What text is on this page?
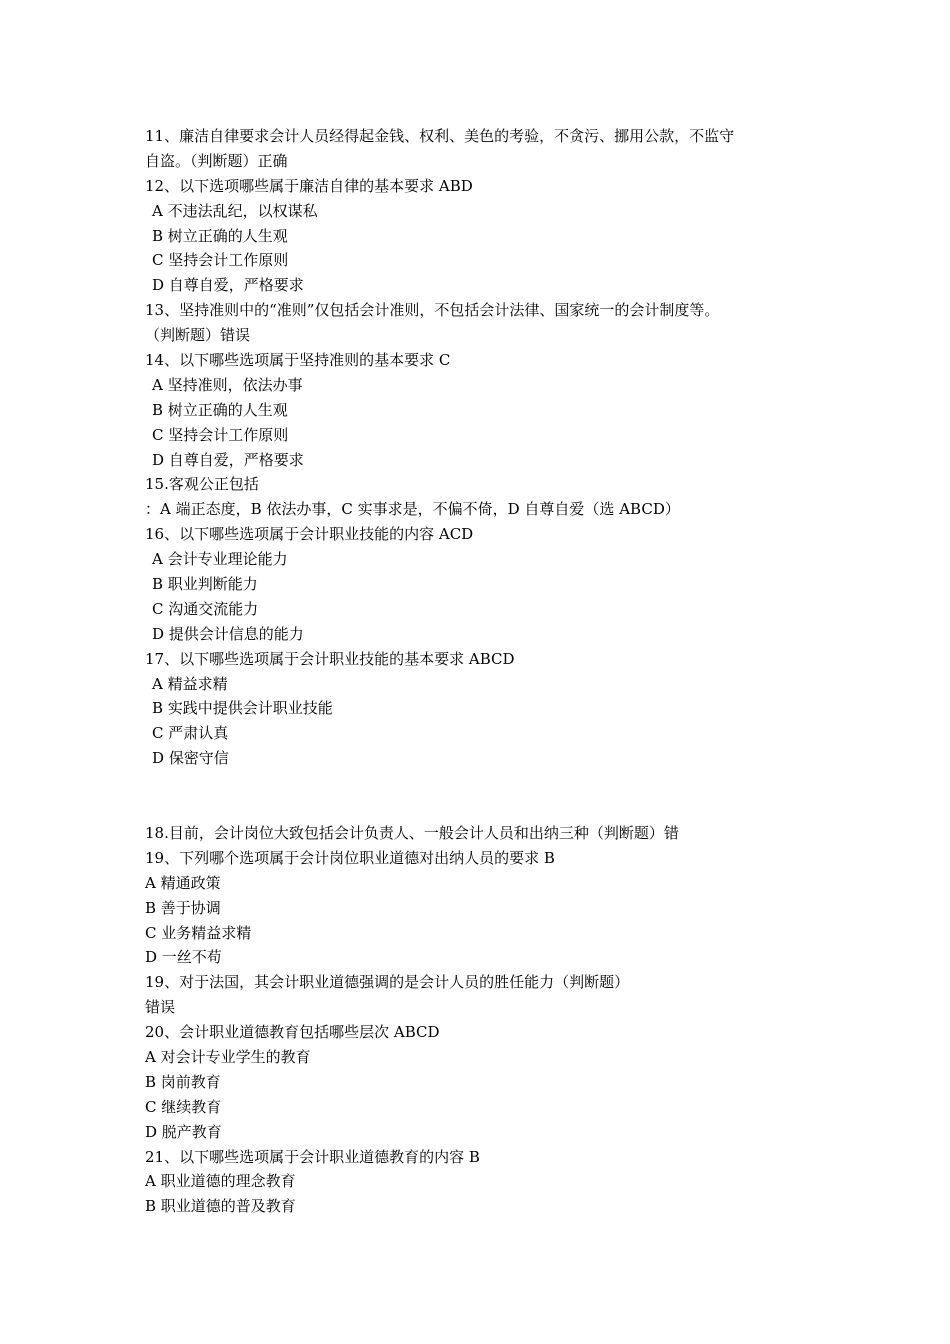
11、廉洁自律要求会计人员经得起金钱、权利、美色的考验，不贪污、挪用公款，不监守
自盗。（判断题）正确
12、以下选项哪些属于廉洁自律的基本要求 ABD
A 不违法乱纪，以权谋私
B 树立正确的人生观
C 坚持会计工作原则
D 自尊自爱，严格要求
13、坚持准则中的“准则”仅包括会计准则，不包括会计法律、国家统一的会计制度等。
（判断题）错误
14、以下哪些选项属于坚持准则的基本要求 C
A 坚持准则，依法办事
B 树立正确的人生观
C 坚持会计工作原则
D 自尊自爱，严格要求
15.客观公正包括
：A 端正态度，B 依法办事，C 实事求是，不偏不倚，D 自尊自爱（选 ABCD）
16、以下哪些选项属于会计职业技能的内容 ACD
A 会计专业理论能力
B 职业判断能力
C 沟通交流能力
D 提供会计信息的能力
17、以下哪些选项属于会计职业技能的基本要求 ABCD
A 精益求精
B 实践中提供会计职业技能
C 严肃认真
D 保密守信
18.目前，会计岗位大致包括会计负责人、一般会计人员和出纳三种（判断题）错
19、下列哪个选项属于会计岗位职业道德对出纳人员的要求 B
A 精通政策
B 善于协调
C 业务精益求精
D 一丝不苟
19、对于法国，其会计职业道德强调的是会计人员的胜任能力（判断题）
错误
20、会计职业道德教育包括哪些层次 ABCD
A 对会计专业学生的教育
B 岗前教育
C 继续教育
D 脱产教育
21、以下哪些选项属于会计职业道德教育的内容 B
A 职业道德的理念教育
B 职业道德的普及教育
